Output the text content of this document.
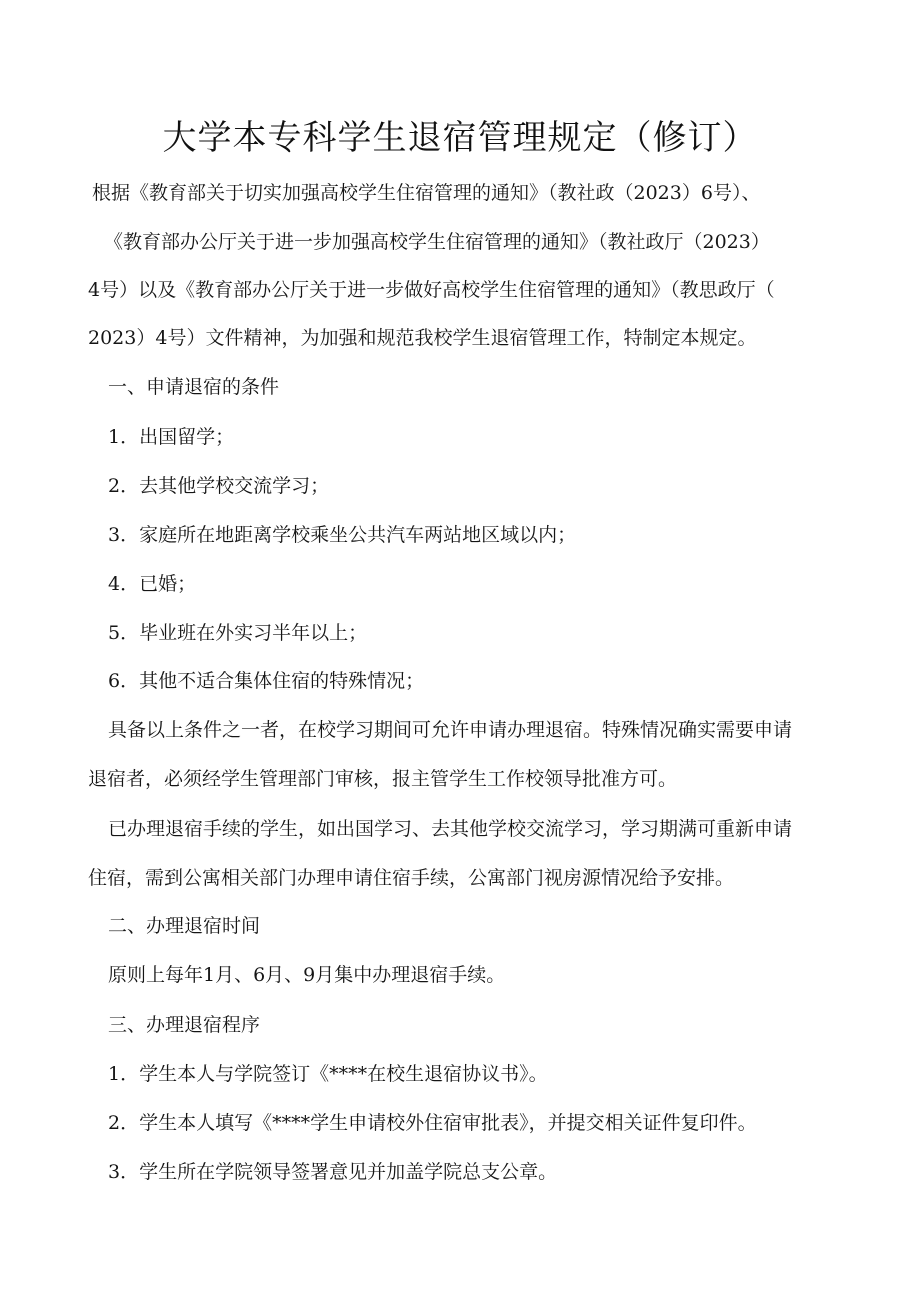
大学本专科学生退宿管理规定（修订）
根据《教育部关于切实加强高校学生住宿管理的通知》（教社政（2023）6号）、
《教育部办公厅关于进一步加强高校学生住宿管理的通知》（教社政厅（2023）
4号）以及《教育部办公厅关于进一步做好高校学生住宿管理的通知》（教思政厅（
2023）4号）文件精神，为加强和规范我校学生退宿管理工作，特制定本规定。
一、申请退宿的条件
1．出国留学；
2．去其他学校交流学习；
3．家庭所在地距离学校乘坐公共汽车两站地区域以内；
4．已婚；
5．毕业班在外实习半年以上；
6．其他不适合集体住宿的特殊情况；
具备以上条件之一者，在校学习期间可允许申请办理退宿。特殊情况确实需要申请
退宿者，必须经学生管理部门审核，报主管学生工作校领导批准方可。
已办理退宿手续的学生，如出国学习、去其他学校交流学习，学习期满可重新申请
住宿，需到公寓相关部门办理申请住宿手续，公寓部门视房源情况给予安排。
二、办理退宿时间
原则上每年1月、6月、9月集中办理退宿手续。
三、办理退宿程序
1．学生本人与学院签订《****在校生退宿协议书》。
2．学生本人填写《****学生申请校外住宿审批表》，并提交相关证件复印件。
3．学生所在学院领导签署意见并加盖学院总支公章。
